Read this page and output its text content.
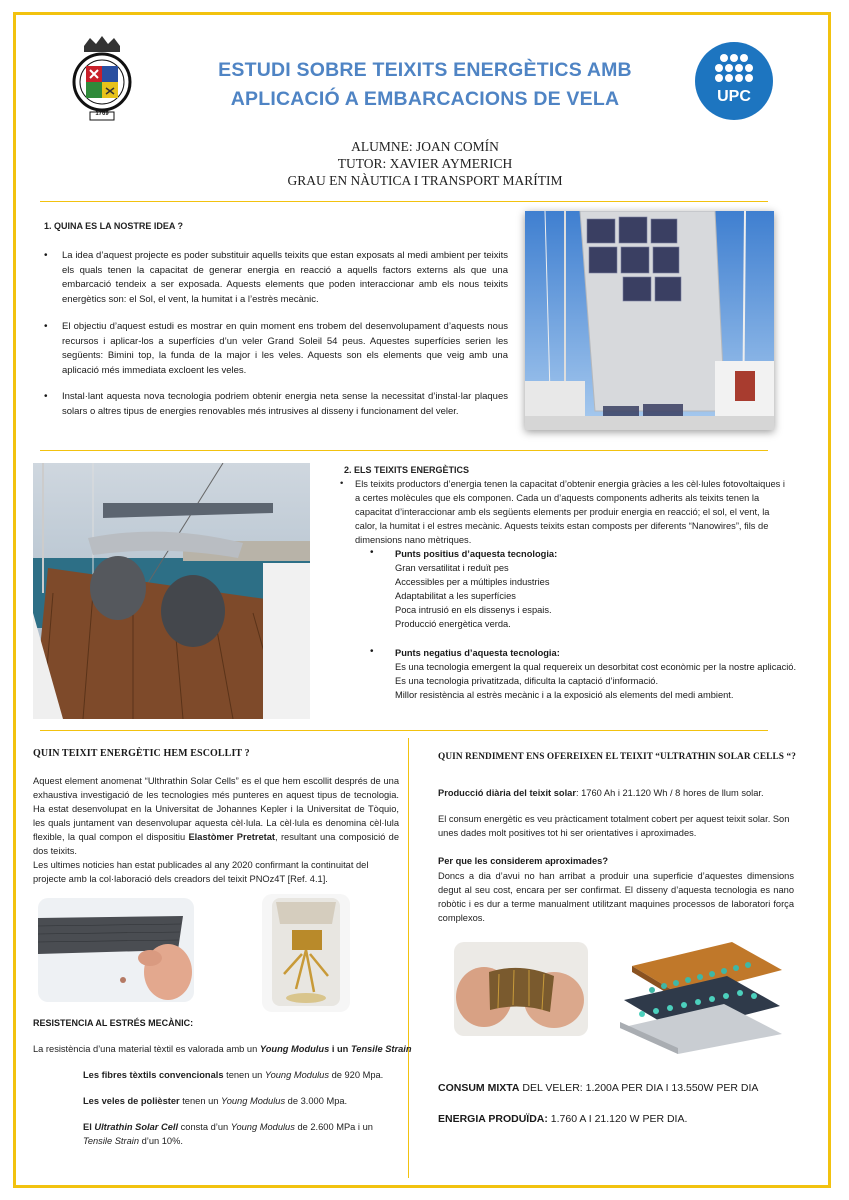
1769
ESTUDI SOBRE TEIXITS ENERGÈTICS AMB
APLICACIÓ A EMBARCACIONS DE VELA	UPC
ALUMNE: JOAN COMÍN
TUTOR: XAVIER AYMERICH
GRAU EN NÀUTICA I TRANSPORT MARÍTIM
1. QUINA ES LA NOSTRE IDEA ?
• La idea d’aquest projecte es poder substituir aquells teixits que estan exposats al medi ambient per teixits els quals tenen la capacitat de generar energia en reacció a aquells factors externs als que una embarcació tendeix a ser exposada. Aquests elements que poden interaccionar amb els nous teixits energètics son: el Sol, el vent, la humitat i a l’estrès mecànic.
• El objectiu d’aquest estudi es mostrar en quin moment ens trobem del desenvolupament d’aquests nous recursos i aplicar-los a superfícies d’un veler Grand Soleil 54 peus. Aquestes superfícies serien les següents: Bimini top, la funda de la major i les veles. Aquests son els elements que veig amb una aplicació més immediata excloent les veles.
• Instal·lant aquesta nova tecnologia podriem obtenir energia neta sense la necessitat d’instal·lar plaques solars o altres tipus de energies renovables més intrusives al disseny i funcionament del veler.
2. ELS TEIXITS ENERGÈTICS
• Els teixits productors d’energia tenen la capacitat d’obtenir energia gràcies a les cèl·lules fotovoltaiques i a certes molècules que els componen. Cada un d’aquests components adherits als teixits tenen la capacitat d’interaccionar amb els següents elements per produir energia en reacció; el sol, el vent, la calor, la humitat i el estres mecànic. Aquests teixits estan composts per diferents “Nanowires”, fils de dimensions nano mètriques.
• Punts positius d’aquesta tecnologia:
Gran versatilitat i reduït pes
Accessibles per a múltiples industries
Adaptabilitat a les superfícies
Poca intrusió en els dissenys i espais.
Producció energètica verda.
• Punts negatius d’aquesta tecnologia:
Es una tecnologia emergent la qual requereix un desorbitat cost econòmic per la nostre aplicació.
Es una tecnologia privatitzada, dificulta la captació d’informació.
Millor resistència al estrès mecànic i a la exposició als elements del medi ambient.
QUIN TEIXIT ENERGÈTIC HEM ESCOLLIT ?
Aquest element anomenat “Ulthrathin Solar Cells” es el que hem escollit després de una exhaustiva investigació de les tecnologies més punteres en aquest tipus de tecnologia. Ha estat desenvolupat en la Universitat de Johannes Kepler i la Universitat de Tòquio, les quals juntament van desenvolupar aquesta cèl·lula. La cèl·lula es denomina cèl·lula flexible, la qual compon el dispositiu Elastòmer Pretretat, resultant una composició de dos teixits.
Les ultimes noticies han estat publicades al any 2020 confirmant la continuitat del projecte amb la col·laboració dels creadors del teixit PNOz4T [Ref. 4.1].
RESISTENCIA AL ESTRÉS MECÀNIC:
La resistència d’una material tèxtil es valorada amb un Young Modulus i un Tensile Strain
Les fibres tèxtils convencionals tenen un Young Modulus de 920 Mpa.
Les veles de polièster tenen un Young Modulus de 3.000 Mpa.
El Ultrathin Solar Cell consta d’un Young Modulus de 2.600 MPa i un Tensile Strain d’un 10%.
QUIN RENDIMENT ENS OFEREIXEN EL TEIXIT “ULTRATHIN SOLAR CELLS “?
Producció diària del teixit solar: 1760 Ah i 21.120 Wh / 8 hores de llum solar.
El consum energètic es veu pràcticament totalment cobert per aquest teixit solar. Son unes dades molt positives tot hi ser orientatives i aproximades.
Per que les considerem aproximades?
Doncs a dia d’avui no han arribat a produir una superficie d’aquestes dimensions degut al seu cost, encara per ser confirmat. El disseny d’aquesta tecnologia es nano robòtic i es dur a terme manualment utilitzant maquines processos de laboratori força complexos.
CONSUM MIXTA DEL VELER: 1.200A PER DIA I 13.550W PER DIA
ENERGIA PRODUÏDA: 1.760 A I 21.120 W PER DIA.
